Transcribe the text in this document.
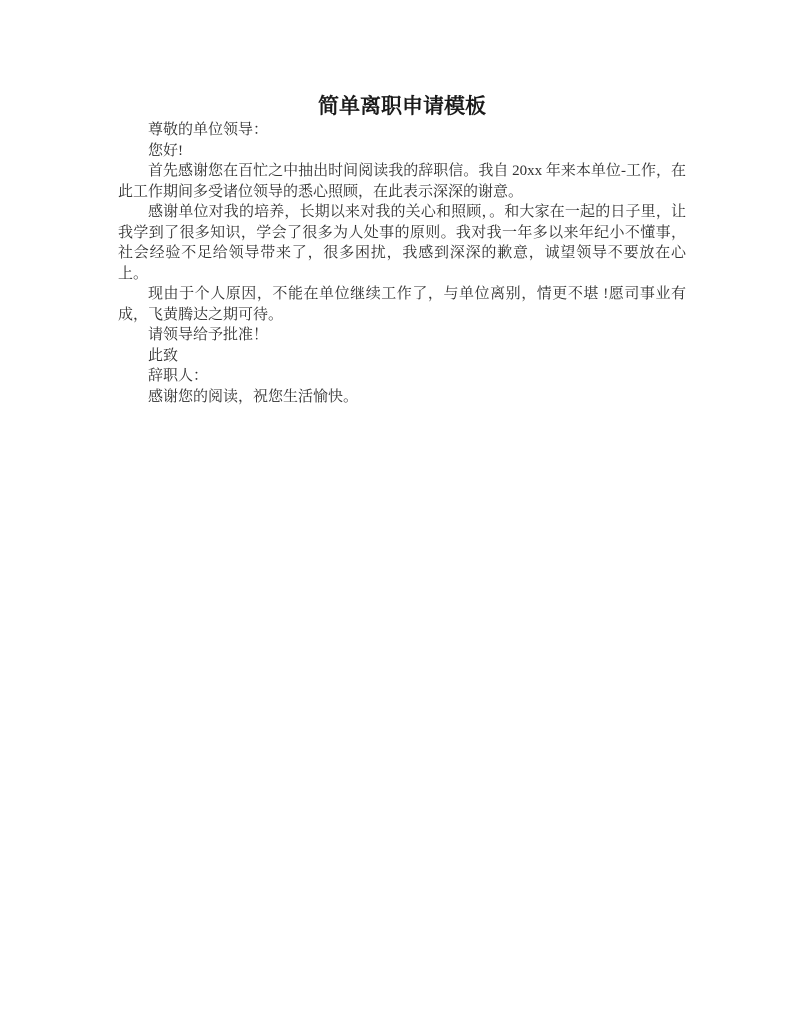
简单离职申请模板

尊敬的单位领导：

您好!

首先感谢您在百忙之中抽出时间阅读我的辞职信。我自 20xx 年来本单位-工作，在此工作期间多受诸位领导的悉心照顾，在此表示深深的谢意。

感谢单位对我的培养，长期以来对我的关心和照顾，。和大家在一起的日子里，让我学到了很多知识，学会了很多为人处事的原则。我对我一年多以来年纪小不懂事，社会经验不足给领导带来了，很多困扰，我感到深深的歉意，诚望领导不要放在心上。

现由于个人原因，不能在单位继续工作了，与单位离别，情更不堪 !愿司事业有成，飞黄腾达之期可待。

请领导给予批准！

此致

辞职人：

感谢您的阅读，祝您生活愉快。
